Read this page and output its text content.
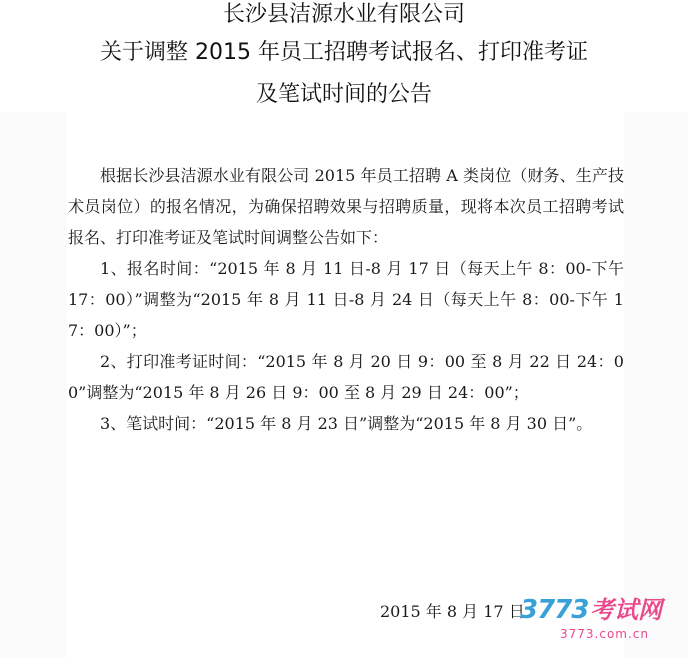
长沙县洁源水业有限公司
关于调整 2015 年员工招聘考试报名、打印准考证
及笔试时间的公告

根据长沙县洁源水业有限公司 2015 年员工招聘 A 类岗位（财务、生产技术员岗位）的报名情况，为确保招聘效果与招聘质量，现将本次员工招聘考试报名、打印准考证及笔试时间调整公告如下：

1、报名时间：“2015 年 8 月 11 日-8 月 17 日（每天上午 8：00-下午 17：00）”调整为“2015 年 8 月 11 日-8 月 24 日（每天上午 8：00-下午 17：00）”；

2、打印准考证时间：“2015 年 8 月 20 日 9：00 至 8 月 22 日 24：00”调整为“2015 年 8 月 26 日 9：00 至 8 月 29 日 24：00”；

3、笔试时间：“2015 年 8 月 23 日”调整为“2015 年 8 月 30 日”。

2015 年 8 月 17 日
3773 考试网
3773.com.cn
